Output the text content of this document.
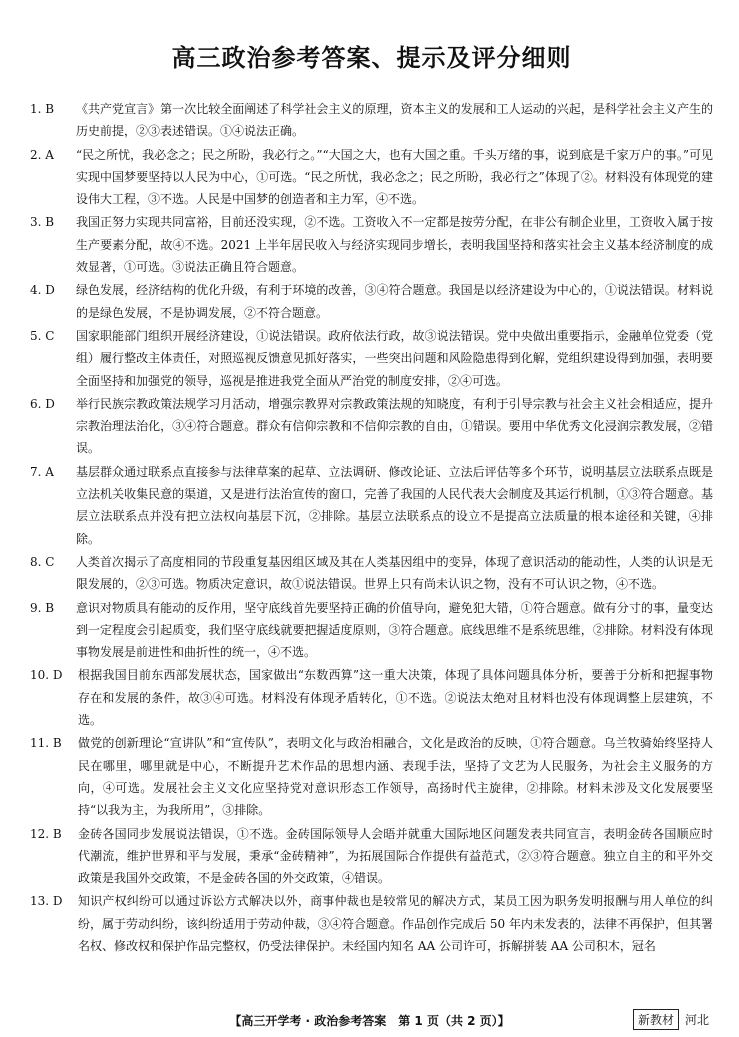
高三政治参考答案、提示及评分细则
1. B	《共产党宣言》第一次比较全面阐述了科学社会主义的原理，资本主义的发展和工人运动的兴起，是科学社会主义产生的历史前提，②③表述错误。①④说法正确。
2. A	“民之所忧，我必念之；民之所盼，我必行之。”“大国之大，也有大国之重。千头万绪的事，说到底是千家万户的事。”可见实现中国梦要坚持以人民为中心，①可选。“民之所忧，我必念之；民之所盼，我必行之”体现了②。材料没有体现党的建设伟大工程，③不选。人民是中国梦的创造者和主力军，④不选。
3. B	我国正努力实现共同富裕，目前还没实现，②不选。工资收入不一定都是按劳分配，在非公有制企业里，工资收入属于按生产要素分配，故④不选。2021 上半年居民收入与经济实现同步增长，表明我国坚持和落实社会主义基本经济制度的成效显著，①可选。③说法正确且符合题意。
4. D	绿色发展，经济结构的优化升级，有利于环境的改善，③④符合题意。我国是以经济建设为中心的，①说法错误。材料说的是绿色发展，不是协调发展，②不符合题意。
5. C	国家职能部门组织开展经济建设，①说法错误。政府依法行政，故③说法错误。党中央做出重要指示，金融单位党委（党组）履行整改主体责任，对照巡视反馈意见抓好落实，一些突出问题和风险隐患得到化解，党组织建设得到加强，表明要全面坚持和加强党的领导，巡视是推进我党全面从严治党的制度安排，②④可选。
6. D	举行民族宗教政策法规学习月活动，增强宗教界对宗教政策法规的知晓度，有利于引导宗教与社会主义社会相适应，提升宗教治理法治化，③④符合题意。群众有信仰宗教和不信仰宗教的自由，①错误。要用中华优秀文化浸润宗教发展，②错误。
7. A	基层群众通过联系点直接参与法律草案的起草、立法调研、修改论证、立法后评估等多个环节，说明基层立法联系点既是立法机关收集民意的渠道，又是进行法治宣传的窗口，完善了我国的人民代表大会制度及其运行机制，①③符合题意。基层立法联系点并没有把立法权向基层下沉，②排除。基层立法联系点的设立不是提高立法质量的根本途径和关键，④排除。
8. C	人类首次揭示了高度相同的节段重复基因组区域及其在人类基因组中的变异，体现了意识活动的能动性，人类的认识是无限发展的，②③可选。物质决定意识，故①说法错误。世界上只有尚未认识之物，没有不可认识之物，④不选。
9. B	意识对物质具有能动的反作用，坚守底线首先要坚持正确的价值导向，避免犯大错，①符合题意。做有分寸的事，量变达到一定程度会引起质变，我们坚守底线就要把握适度原则，③符合题意。底线思维不是系统思维，②排除。材料没有体现事物发展是前进性和曲折性的统一，④不选。
10. D	根据我国目前东西部发展状态，国家做出“东数西算”这一重大决策，体现了具体问题具体分析，要善于分析和把握事物存在和发展的条件，故③④可选。材料没有体现矛盾转化，①不选。②说法太绝对且材料也没有体现调整上层建筑，不选。
11. B	做党的创新理论“宣讲队”和“宣传队”，表明文化与政治相融合，文化是政治的反映，①符合题意。乌兰牧骑始终坚持人民在哪里，哪里就是中心，不断提升艺术作品的思想内涵、表现手法，坚持了文艺为人民服务，为社会主义服务的方向，④可选。发展社会主义文化应坚持党对意识形态工作领导，高扬时代主旋律，②排除。材料未涉及文化发展要坚持“以我为主，为我所用”，③排除。
12. B	金砖各国同步发展说法错误，①不选。金砖国际领导人会晤并就重大国际地区问题发表共同宣言，表明金砖各国顺应时代潮流，维护世界和平与发展，秉承“金砖精神”，为拓展国际合作提供有益范式，②③符合题意。独立自主的和平外交政策是我国外交政策，不是金砖各国的外交政策，④错误。
13. D	知识产权纠纷可以通过诉讼方式解决以外，商事仲裁也是较常见的解决方式，某员工因为职务发明报酬与用人单位的纠纷，属于劳动纠纷，该纠纷适用于劳动仲裁，③④符合题意。作品创作完成后 50 年内未发表的，法律不再保护，但其署名权、修改权和保护作品完整权，仍受法律保护。未经国内知名 AA 公司许可，拆解拼装 AA 公司积木，冠名
【高三开学考 · 政治参考答案　第 1 页（共 2 页）】	新教材 河北
